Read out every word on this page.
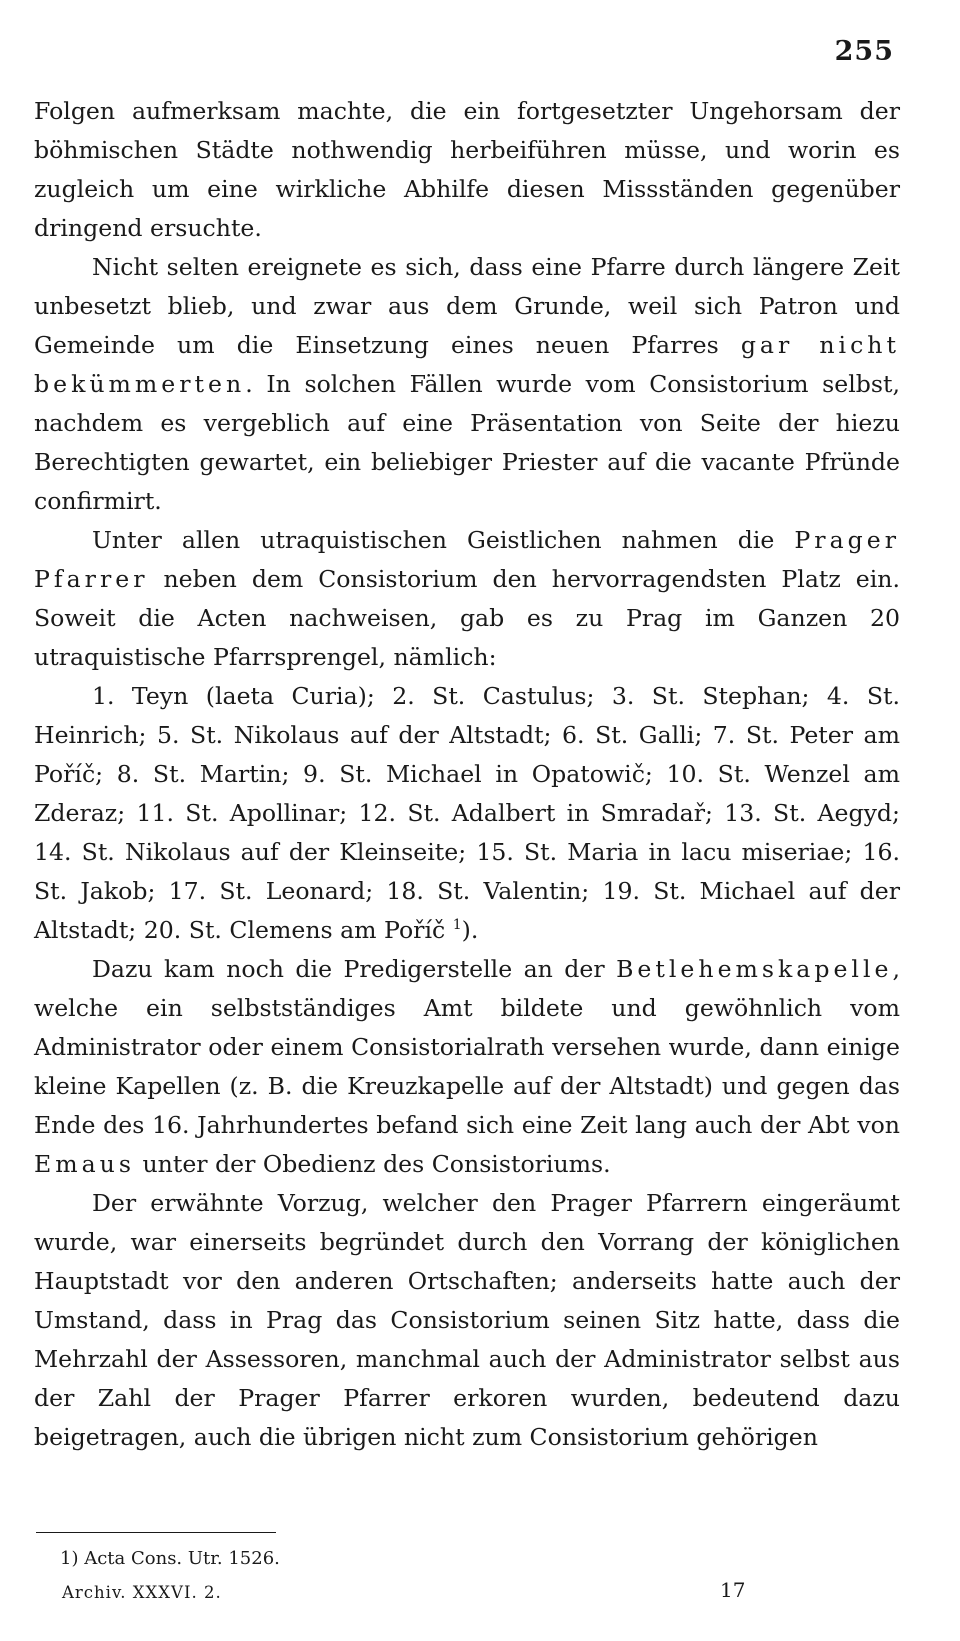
255

Folgen aufmerksam machte, die ein fortgesetzter Ungehorsam der böhmischen Städte nothwendig herbeiführen müsse, und worin es zugleich um eine wirkliche Abhilfe diesen Missständen gegenüber dringend ersuchte.

Nicht selten ereignete es sich, dass eine Pfarre durch längere Zeit unbesetzt blieb, und zwar aus dem Grunde, weil sich Patron und Gemeinde um die Einsetzung eines neuen Pfarres gar nicht bekümmerten. In solchen Fällen wurde vom Consistorium selbst, nachdem es vergeblich auf eine Präsentation von Seite der hiezu Berechtigten gewartet, ein beliebiger Priester auf die vacante Pfründe confirmirt.

Unter allen utraquistischen Geistlichen nahmen die Prager Pfarrer neben dem Consistorium den hervorragendsten Platz ein. Soweit die Acten nachweisen, gab es zu Prag im Ganzen 20 utraquistische Pfarrsprengel, nämlich:

1. Teyn (laeta Curia); 2. St. Castulus; 3. St. Stephan; 4. St. Heinrich; 5. St. Nikolaus auf der Altstadt; 6. St. Galli; 7. St. Peter am Poříč; 8. St. Martin; 9. St. Michael in Opatowič; 10. St. Wenzel am Zderaz; 11. St. Apollinar; 12. St. Adalbert in Smradař; 13. St. Aegyd; 14. St. Nikolaus auf der Kleinseite; 15. St. Maria in lacu miseriae; 16. St. Jakob; 17. St. Leonard; 18. St. Valentin; 19. St. Michael auf der Altstadt; 20. St. Clemens am Poříč $^1$).

Dazu kam noch die Predigerstelle an der Betlehemskapelle, welche ein selbstständiges Amt bildete und gewöhnlich vom Administrator oder einem Consistorialrath versehen wurde, dann einige kleine Kapellen (z. B. die Kreuzkapelle auf der Altstadt) und gegen das Ende des 16. Jahrhundertes befand sich eine Zeit lang auch der Abt von Emaus unter der Obedienz des Consistoriums.

Der erwähnte Vorzug, welcher den Prager Pfarrern eingeräumt wurde, war einerseits begründet durch den Vorrang der königlichen Hauptstadt vor den anderen Ortschaften; anderseits hatte auch der Umstand, dass in Prag das Consistorium seinen Sitz hatte, dass die Mehrzahl der Assessoren, manchmal auch der Administrator selbst aus der Zahl der Prager Pfarrer erkoren wurden, bedeutend dazu beigetragen, auch die übrigen nicht zum Consistorium gehörigen

1) Acta Cons. Utr. 1526.
Archiv. XXXVI. 2.	17
